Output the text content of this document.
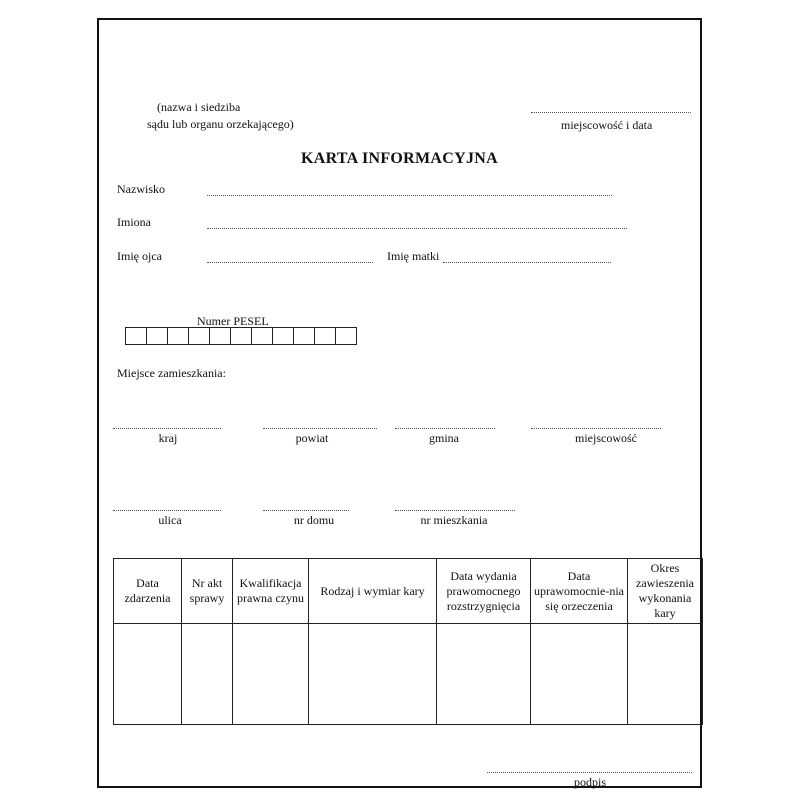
(nazwa i siedziba
sądu lub organu orzekającego)	miejscowość i data
KARTA INFORMACYJNA
Nazwisko
Imiona
Imię ojca	Imię matki
Numer PESEL
Miejsce zamieszkania:
kraj	powiat	gmina	miejscowość
ulica	nr domu	nr mieszkania
Data zdarzenia	Nr akt sprawy	Kwalifikacja prawna czynu	Rodzaj i wymiar kary	Data wydania prawomocnego rozstrzygnięcia	Data uprawomocnie-nia się orzeczenia	Okres zawieszenia wykonania kary

podpis
